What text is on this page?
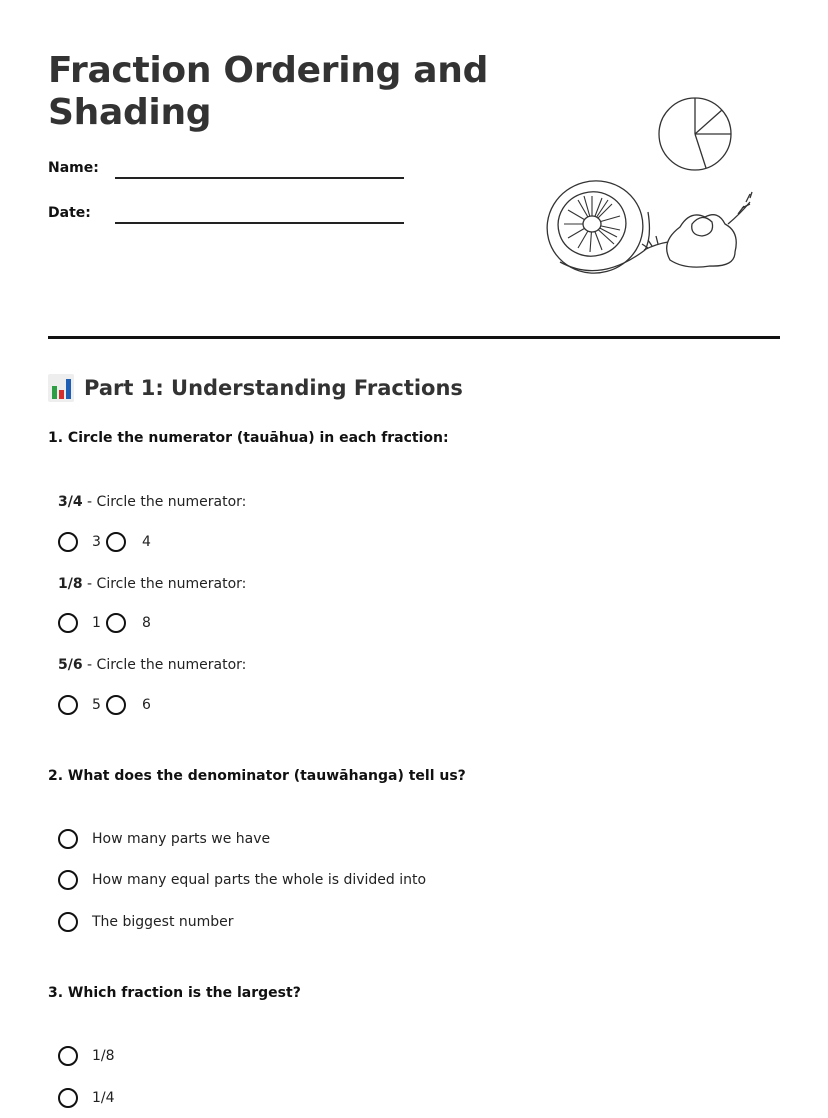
Fraction Ordering and Shading
Name:
Date:
Part 1: Understanding Fractions
1. Circle the numerator (tauāhua) in each fraction:
3/4 - Circle the numerator:
3	4
1/8 - Circle the numerator:
1	8
5/6 - Circle the numerator:
5	6
2. What does the denominator (tauwāhanga) tell us?
How many parts we have
How many equal parts the whole is divided into
The biggest number
3. Which fraction is the largest?
1/8
1/4
